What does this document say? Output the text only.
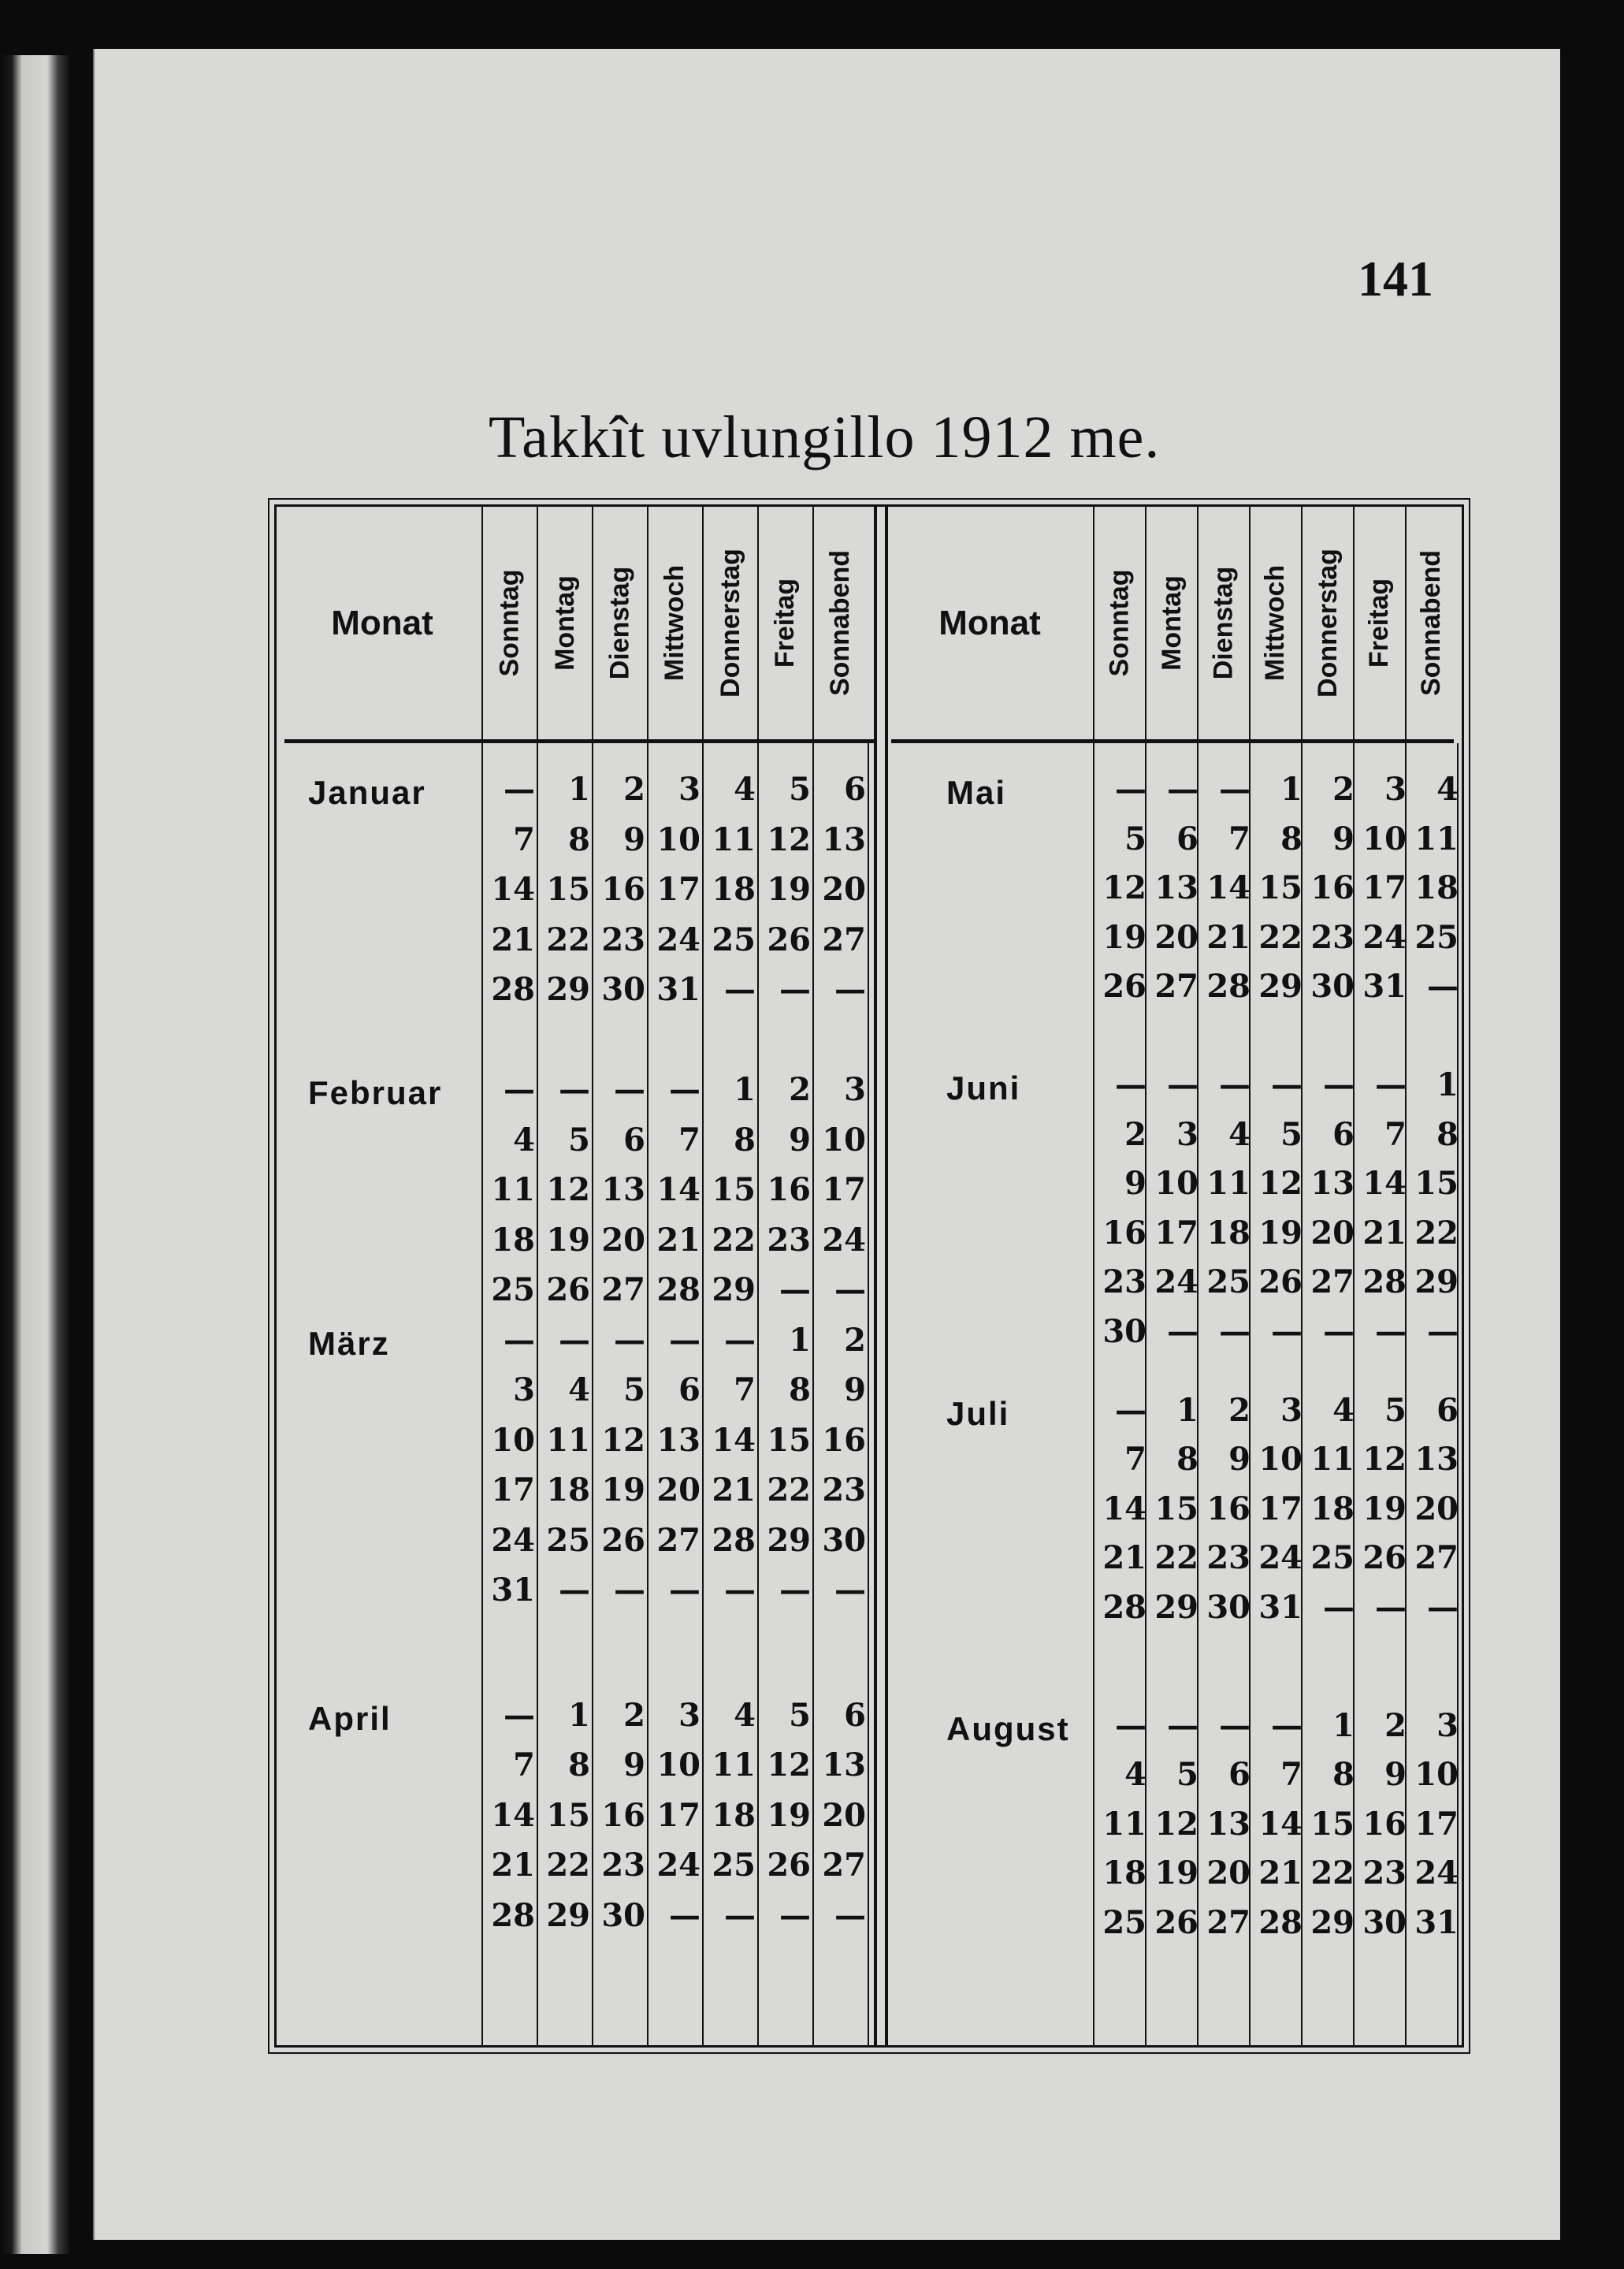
141
Takkît uvlungillo 1912 me.
Monat	Sonntag Montag Dienstag Mittwoch Donnerstag Freitag Sonnabend
Januar	—	1	2	3	4	5	6
7	8	9 10 11 12 13
14 15 16 17 18 19 20
21 22 23 24 25 26 27
28 29 30 31 — — —
Februar	— — — —	1	2	3
4	5	6	7	8	9 10
11 12 13 14 15 16 17
18 19 20 21 22 23 24
25 26 27 28 29 — —
März	— — — — —	1	2
3	4	5	6	7	8	9
10 11 12 13 14 15 16
17 18 19 20 21 22 23
24 25 26 27 28 29 30
31 — — — — — —
April	—	1	2	3	4	5	6
7	8	9 10 11 12 13
14 15 16 17 18 19 20
21 22 23 24 25 26 27
28 29 30 — — — —
Monat	Sonntag Montag Dienstag Mittwoch Donnerstag Freitag Sonnabend
Mai	— — — 1 2 3 4
5 6 7 8 9 10 11
12 13 14 15 16 17 18
19 20 21 22 23 24 25
26 27 28 29 30 31 —
Juni	— — — — — — 1
2 3 4 5 6 7 8
9 10 11 12 13 14 15
16 17 18 19 20 21 22
23 24 25 26 27 28 29
30 — — — — — —
Juli	— 1 2 3 4 5 6
7 8 9 10 11 12 13
14 15 16 17 18 19 20
21 22 23 24 25 26 27
28 29 30 31 — — —
August	— — — — 1 2 3
4 5 6 7 8 9 10
11 12 13 14 15 16 17
18 19 20 21 22 23 24
25 26 27 28 29 30 31
